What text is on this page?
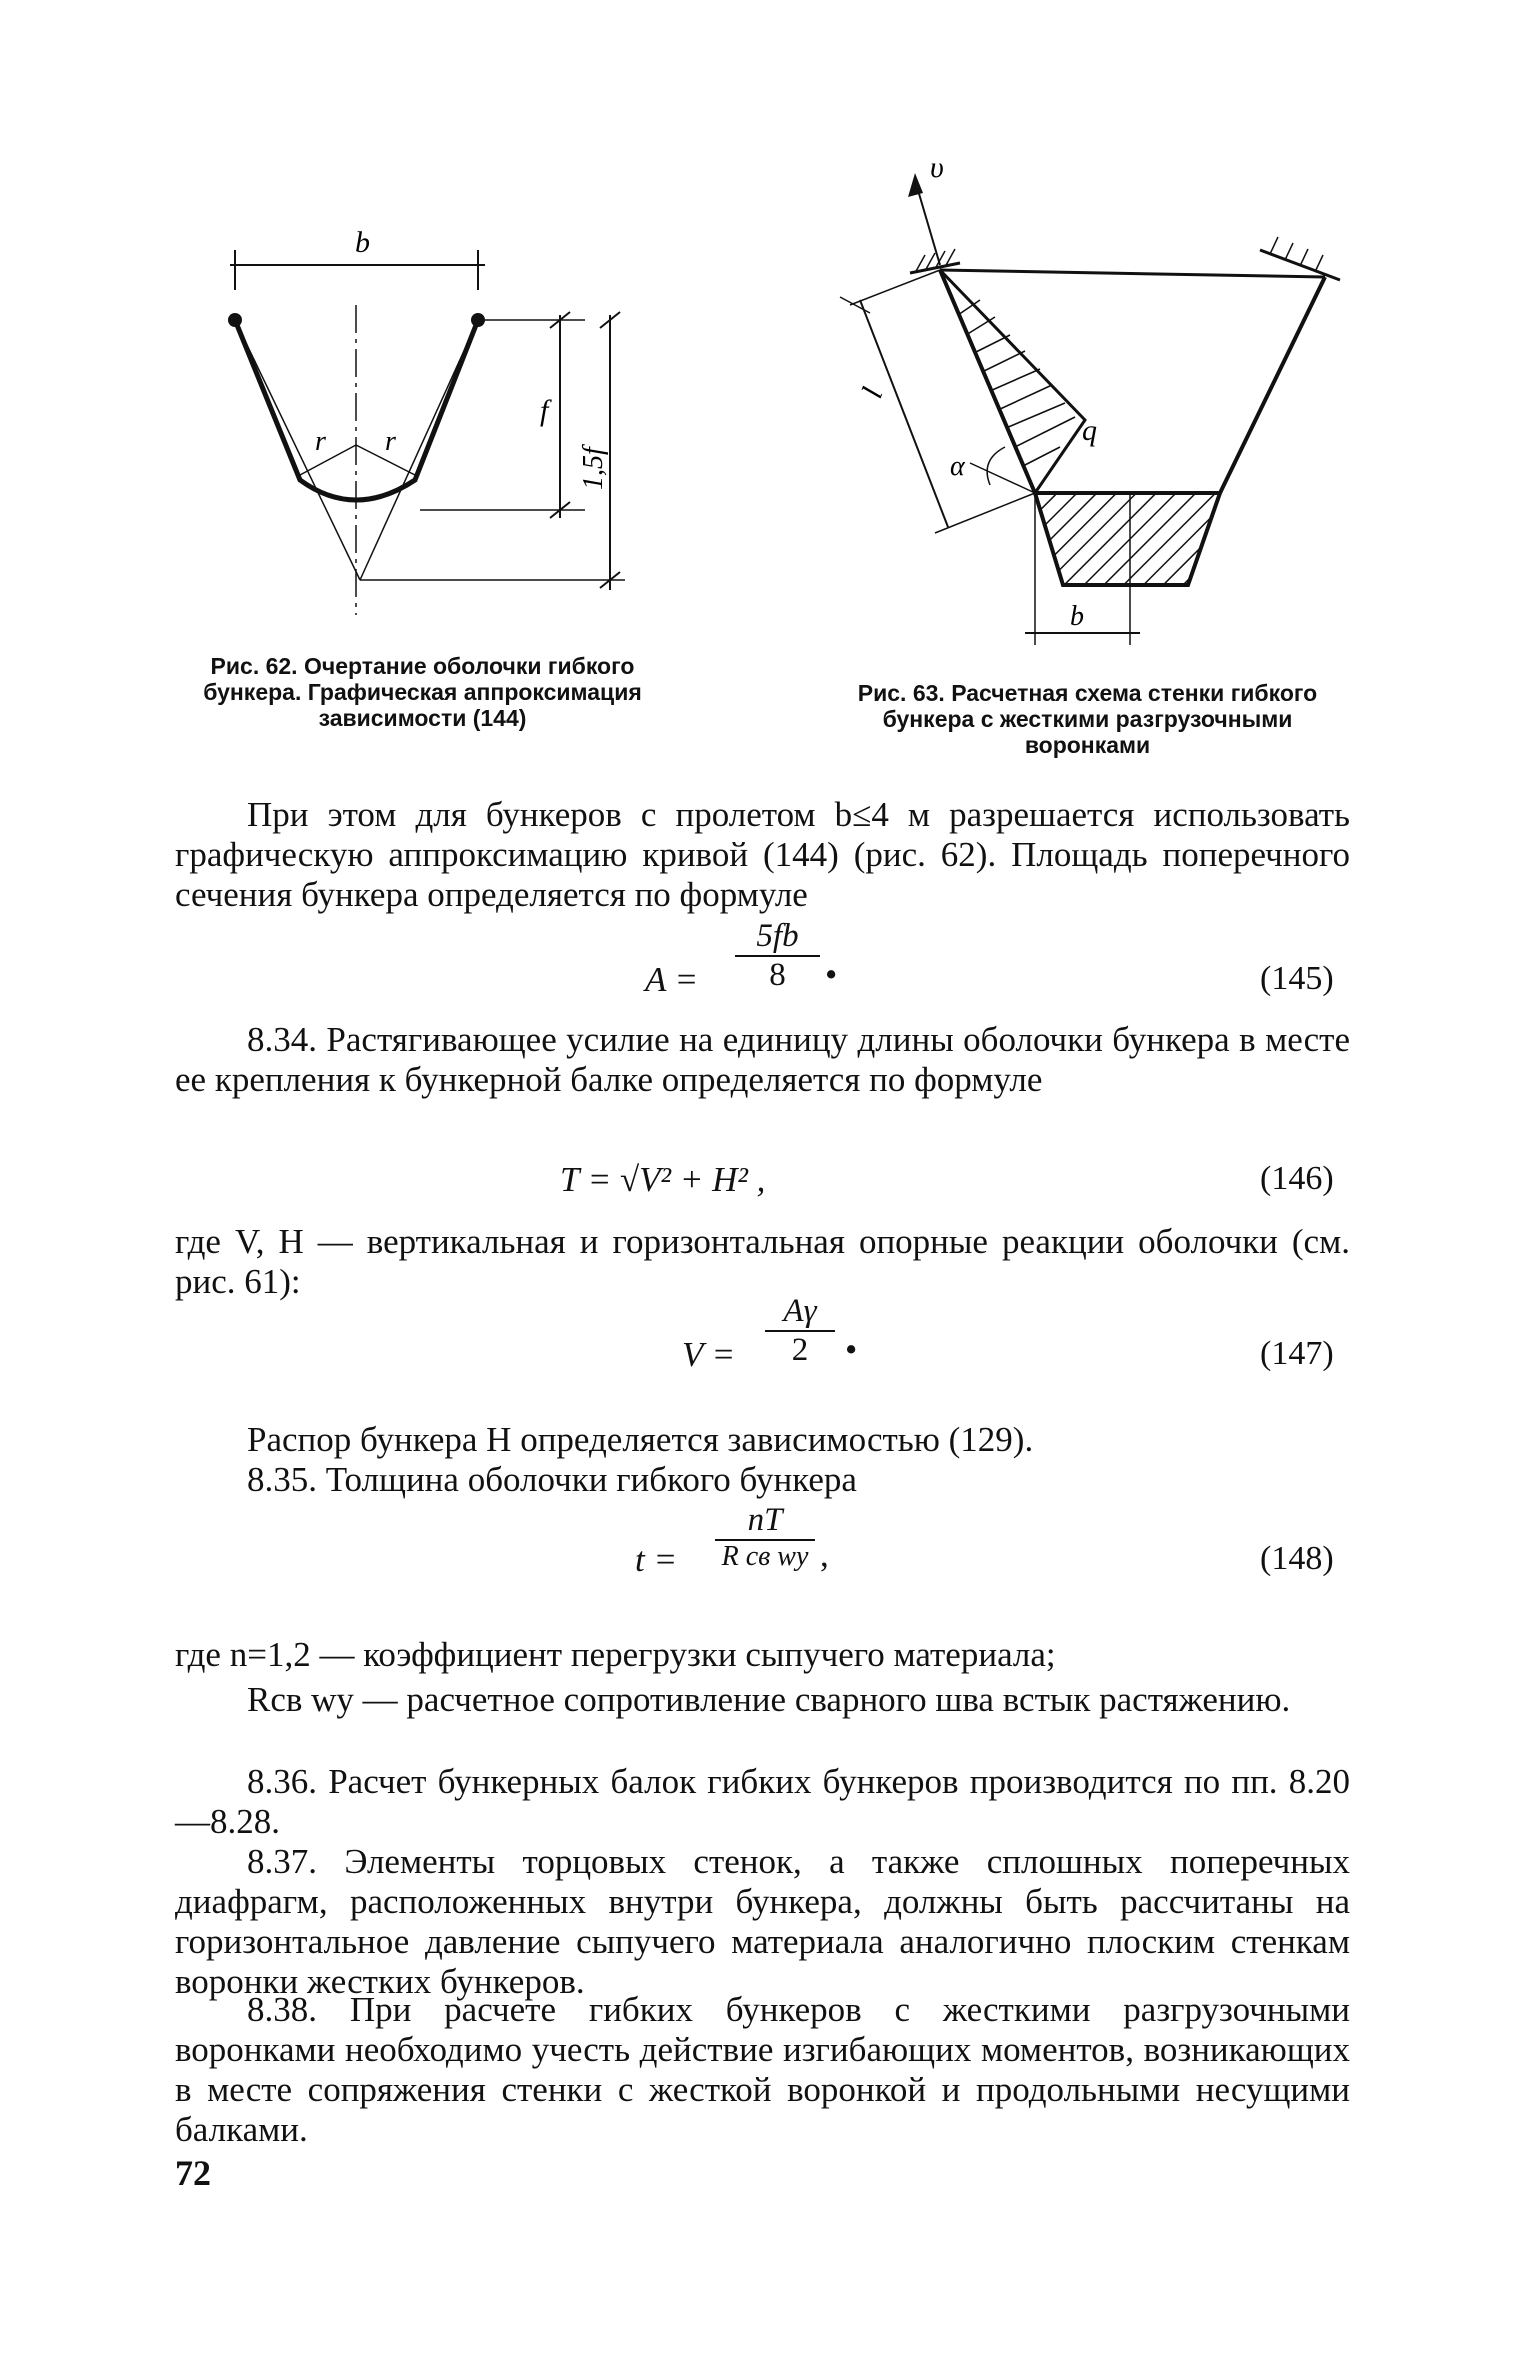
b
r r
f
1,5f
Рис. 62. Очертание оболочки гибкого бункера. Графическая аппроксимация зависимости (144)
υ
q
α
l
b
Рис. 63. Расчетная схема стенки гибкого бункера с жесткими разгрузочными воронками
При этом для бункеров с пролетом b≤4 м разрешается использовать графическую аппроксимацию кривой (144) (рис. 62). Площадь поперечного сечения бункера определяется по формуле
$A = \frac{5fb}{8}$ •	(145)
8.34. Растягивающее усилие на единицу длины оболочки бункера в месте ее крепления к бункерной балке определяется по формуле
T = √V² + H² ,	(146)
где V, H — вертикальная и горизонтальная опорные реакции оболочки (см. рис. 61):
$V = \frac{A\gamma}{2}$ •	(147)
Распор бункера H определяется зависимостью (129).
8.35. Толщина оболочки гибкого бункера
t =
nT
R св wy ,	(148)
где n=1,2 — коэффициент перегрузки сыпучего материала;
Rсв wy — расчетное сопротивление сварного шва встык растяжению.
8.36. Расчет бункерных балок гибких бункеров производится по пп. 8.20—8.28.
8.37. Элементы торцовых стенок, а также сплошных поперечных диафрагм, расположенных внутри бункера, должны быть рассчитаны на горизонтальное давление сыпучего материала аналогично плоским стенкам воронки жестких бункеров.
8.38. При расчете гибких бункеров с жесткими разгрузочными воронками необходимо учесть действие изгибающих моментов, возникающих в месте сопряжения стенки с жесткой воронкой и продольными несущими балками.
72
